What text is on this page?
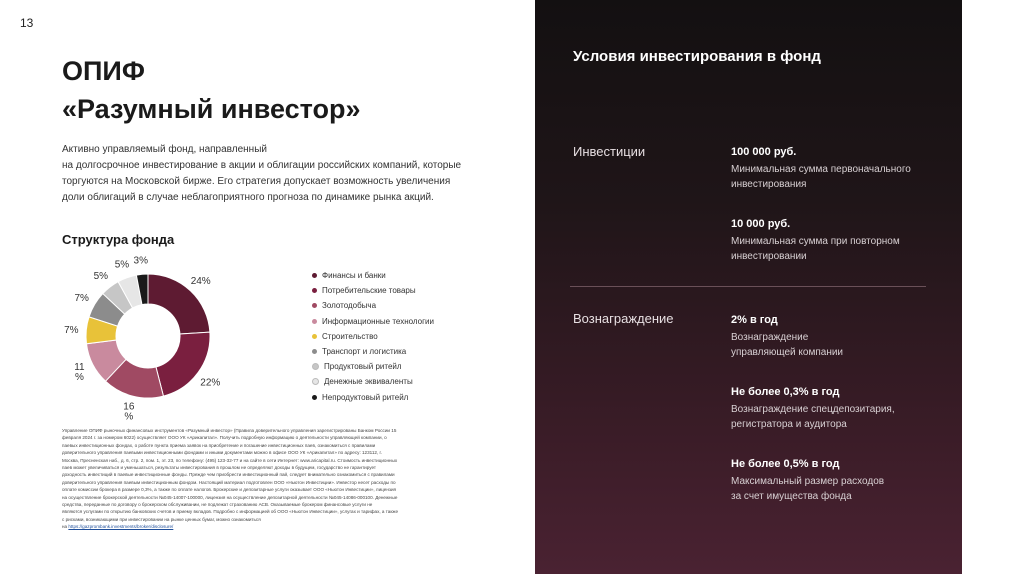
13
ОПИФ
«Разумный инвестор»
Активно управляемый фонд, направленный
на долгосрочное инвестирование в акции и облигации российских компаний, которые
торгуются на Московской бирже. Его стратегия допускает возможность увеличения
доли облигаций в случае неблагоприятного прогноза по динамике рынка акций.
Структура фонда
24%
22%
16 %
11 %
7%
7%
5%
5% 3%
Финансы и банки
Потребительские товары
Золотодобыча
Информационные технологии
Строительство
Транспорт и логистика
Продуктовый ритейл
Денежные эквиваленты
Непродуктовый ритейл
Управление ОПИФ рыночных финансовых инструментов «Разумный инвестор» (Правила доверительного управления зарегистрированы Банком России 15
февраля 2024 г. за номером 6022) осуществляет ООО УК «Арикапитал». Получить подробную информацию о деятельности управляющей компании, о
паевых инвестиционных фондах, о работе пункта приема заявок на приобретение и погашение инвестиционных паев, ознакомиться с правилами
доверительного управления паевыми инвестиционными фондами и иными документами можно в офисе ООО УК «Арикапитал» по адресу: 123112, г.
Москва, Пресненская наб., д. 6, стр. 2, пом. 1, эт. 23, по телефону: (495) 123-32-77 и на сайте в сети Интернет: www.aricapital.ru. Стоимость инвестиционных
паев может увеличиваться и уменьшаться, результаты инвестирования в прошлом не определяют доходы в будущем, государство не гарантирует
доходность инвестиций в паевые инвестиционные фонды. Прежде чем приобрести инвестиционный пай, следует внимательно ознакомиться с правилами
доверительного управления паевым инвестиционным фондом. Настоящий материал подготовлен ООО «Ньютон Инвестиции». Инвестор несет расходы по
оплате комиссии брокера в размере 0,3%, а также по оплате налогов. Брокерские и депозитарные услуги оказывает ООО «Ньютон Инвестиции», лицензия
на осуществление брокерской деятельности №045-14007-100000, лицензия на осуществление депозитарной деятельности №045-14086-000100. Денежные
средства, переданные по договору о брокерском обслуживании, не подлежат страхованию АСВ. Оказываемые брокером финансовые услуги не
являются услугами по открытию банковских счетов и приему вкладов. Подробно с информацией об ООО «Ньютон Инвестиции», услугах и тарифах, а также
с рисками, возникающими при инвестировании на рынке ценных бумаг, можно ознакомиться
на https://gazprombank.investments/broker/disclosure/
Условия инвестирования в фонд
Инвестиции	100 000 руб.
Минимальная сумма первоначального
инвестирования
10 000 руб.
Минимальная сумма при повторном
инвестировании
Вознаграждение	2% в год
Вознаграждение
управляющей компании
Не более 0,3% в год
Вознаграждение спецдепозитария,
регистратора и аудитора
Не более 0,5% в год
Максимальный размер расходов
за счет имущества фонда
